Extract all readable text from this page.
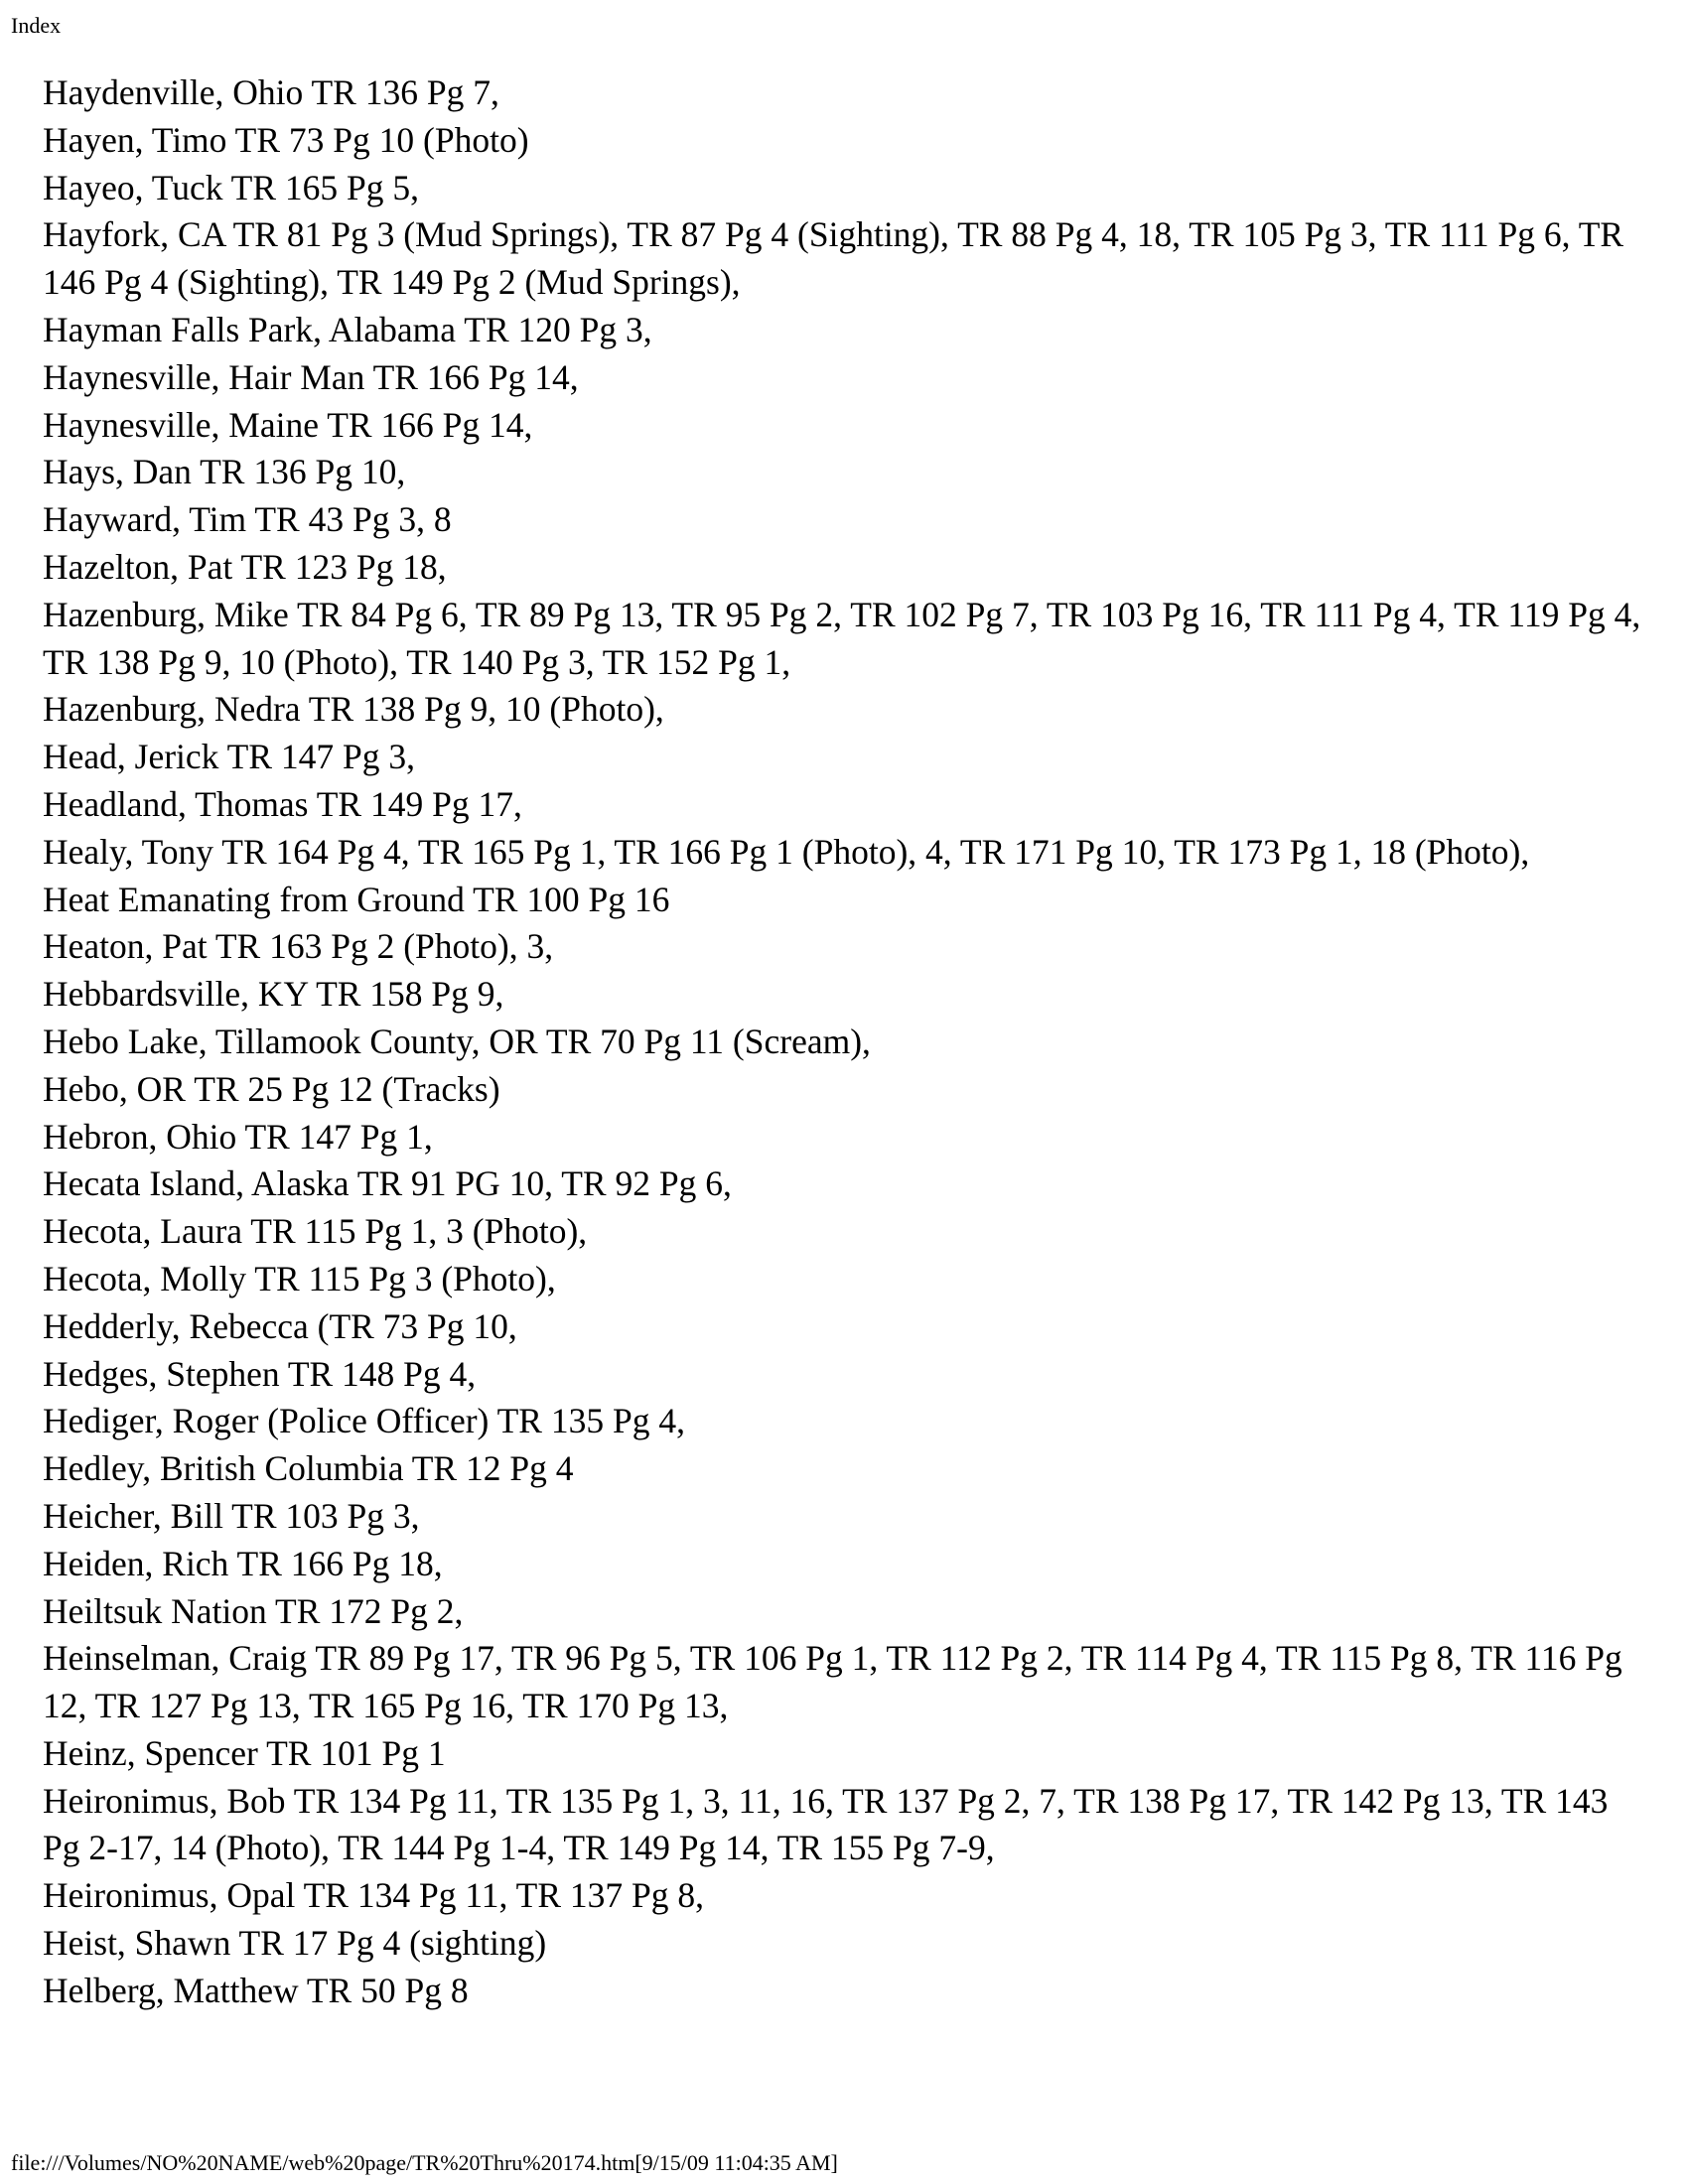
Index
Haydenville, Ohio TR 136 Pg 7,
Hayen, Timo TR 73 Pg 10 (Photo)
Hayeo, Tuck TR 165 Pg 5,
Hayfork, CA TR 81 Pg 3 (Mud Springs), TR 87 Pg 4 (Sighting), TR 88 Pg 4, 18, TR 105 Pg 3, TR 111 Pg 6, TR 146 Pg 4 (Sighting), TR 149 Pg 2 (Mud Springs),
Hayman Falls Park, Alabama TR 120 Pg 3,
Haynesville, Hair Man TR 166 Pg 14,
Haynesville, Maine TR 166 Pg 14,
Hays, Dan TR 136 Pg 10,
Hayward, Tim TR 43 Pg 3, 8
Hazelton, Pat TR 123 Pg 18,
Hazenburg, Mike TR 84 Pg 6, TR 89 Pg 13, TR 95 Pg 2, TR 102 Pg 7, TR 103 Pg 16, TR 111 Pg 4, TR 119 Pg 4, TR 138 Pg 9, 10 (Photo), TR 140 Pg 3, TR 152 Pg 1,
Hazenburg, Nedra TR 138 Pg 9, 10 (Photo),
Head, Jerick TR 147 Pg 3,
Headland, Thomas TR 149 Pg 17,
Healy, Tony TR 164 Pg 4, TR 165 Pg 1, TR 166 Pg 1 (Photo), 4, TR 171 Pg 10, TR 173 Pg 1, 18 (Photo),
Heat Emanating from Ground TR 100 Pg 16
Heaton, Pat TR 163 Pg 2 (Photo), 3,
Hebbardsville, KY TR 158 Pg 9,
Hebo Lake, Tillamook County, OR TR 70 Pg 11 (Scream),
Hebo, OR TR 25 Pg 12 (Tracks)
Hebron, Ohio TR 147 Pg 1,
Hecata Island, Alaska TR 91 PG 10, TR 92 Pg 6,
Hecota, Laura TR 115 Pg 1, 3 (Photo),
Hecota, Molly TR 115 Pg 3 (Photo),
Hedderly, Rebecca (TR 73 Pg 10,
Hedges, Stephen TR 148 Pg 4,
Hediger, Roger (Police Officer) TR 135 Pg 4,
Hedley, British Columbia TR 12 Pg 4
Heicher, Bill TR 103 Pg 3,
Heiden, Rich TR 166 Pg 18,
Heiltsuk Nation TR 172 Pg 2,
Heinselman, Craig TR 89 Pg 17, TR 96 Pg 5, TR 106 Pg 1, TR 112 Pg 2, TR 114 Pg 4, TR 115 Pg 8, TR 116 Pg 12, TR 127 Pg 13, TR 165 Pg 16, TR 170 Pg 13,
Heinz, Spencer TR 101 Pg 1
Heironimus, Bob TR 134 Pg 11, TR 135 Pg 1, 3, 11, 16, TR 137 Pg 2, 7, TR 138 Pg 17, TR 142 Pg 13, TR 143 Pg 2-17, 14 (Photo), TR 144 Pg 1-4, TR 149 Pg 14, TR 155 Pg 7-9,
Heironimus, Opal TR 134 Pg 11, TR 137 Pg 8,
Heist, Shawn TR 17 Pg 4 (sighting)
Helberg, Matthew TR 50 Pg 8
file:///Volumes/NO%20NAME/web%20page/TR%20Thru%20174.htm[9/15/09 11:04:35 AM]
